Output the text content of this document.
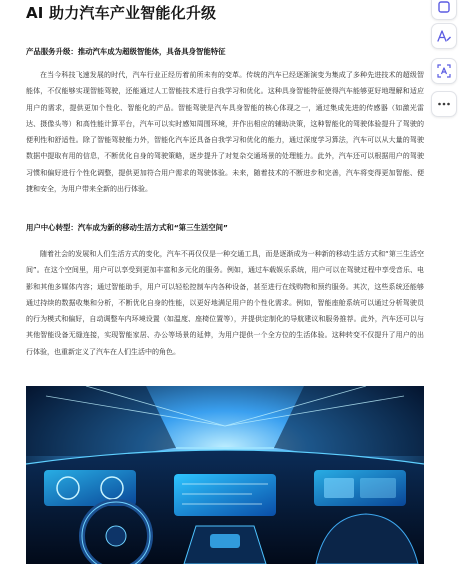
AI 助力汽车产业智能化升级
产品服务升级：推动汽车成为超级智能体，具备具身智能特征
在当今科技飞速发展的时代，汽车行业正经历着前所未有的变革。传统的汽车已经逐渐演变为集成了多种先进技术的超级智能体，不仅能够实现智能驾驶，还能通过人工智能技术进行自我学习和优化。这种具身智能特征使得汽车能够更好地理解和适应用户的需求，提供更加个性化、智能化的产品。智能驾驶是汽车具身智能的核心体现之一，通过集成先进的传感器（如激光雷达、摄像头等）和高性能计算平台，汽车可以实时感知周围环境，并作出相应的辅助决策，这种智能化的驾驶体验提升了驾驶的便利性和舒适性。除了智能驾驶能力外，智能化汽车还具备自我学习和优化的能力，通过深度学习算法，汽车可以从大量的驾驶数据中提取有用的信息，不断优化自身的驾驶策略，逐步提升了对复杂交通场景的处理能力。此外，汽车还可以根据用户的驾驶习惯和偏好进行个性化调整，提供更加符合用户需求的驾驶体验。未来，随着技术的不断进步和完善，汽车将变得更加智能、便捷和安全，为用户带来全新的出行体验。
用户中心转型：汽车成为新的移动生活方式和“第三生活空间”
随着社会的发展和人们生活方式的变化，汽车不再仅仅是一种交通工具，而是逐渐成为一种新的移动生活方式和“第三生活空间”。在这个空间里，用户可以享受到更加丰富和多元化的服务。例如，通过车载娱乐系统，用户可以在驾驶过程中享受音乐、电影和其他多媒体内容；通过智能助手，用户可以轻松控制车内各种设备，甚至进行在线购物和预约服务。其次，这些系统还能够通过持续的数据收集和分析，不断优化自身的性能，以更好地满足用户的个性化需求。例如，智能座舱系统可以通过分析驾驶员的行为模式和偏好，自动调整车内环境设置（如温度、座椅位置等），并提供定制化的导航建议和服务推荐。此外，汽车还可以与其他智能设备无缝连接，实现智能家居、办公等场景的延伸，为用户提供一个全方位的生活体验。这种转变不仅提升了用户的出行体验，也重新定义了汽车在人们生活中的角色。
